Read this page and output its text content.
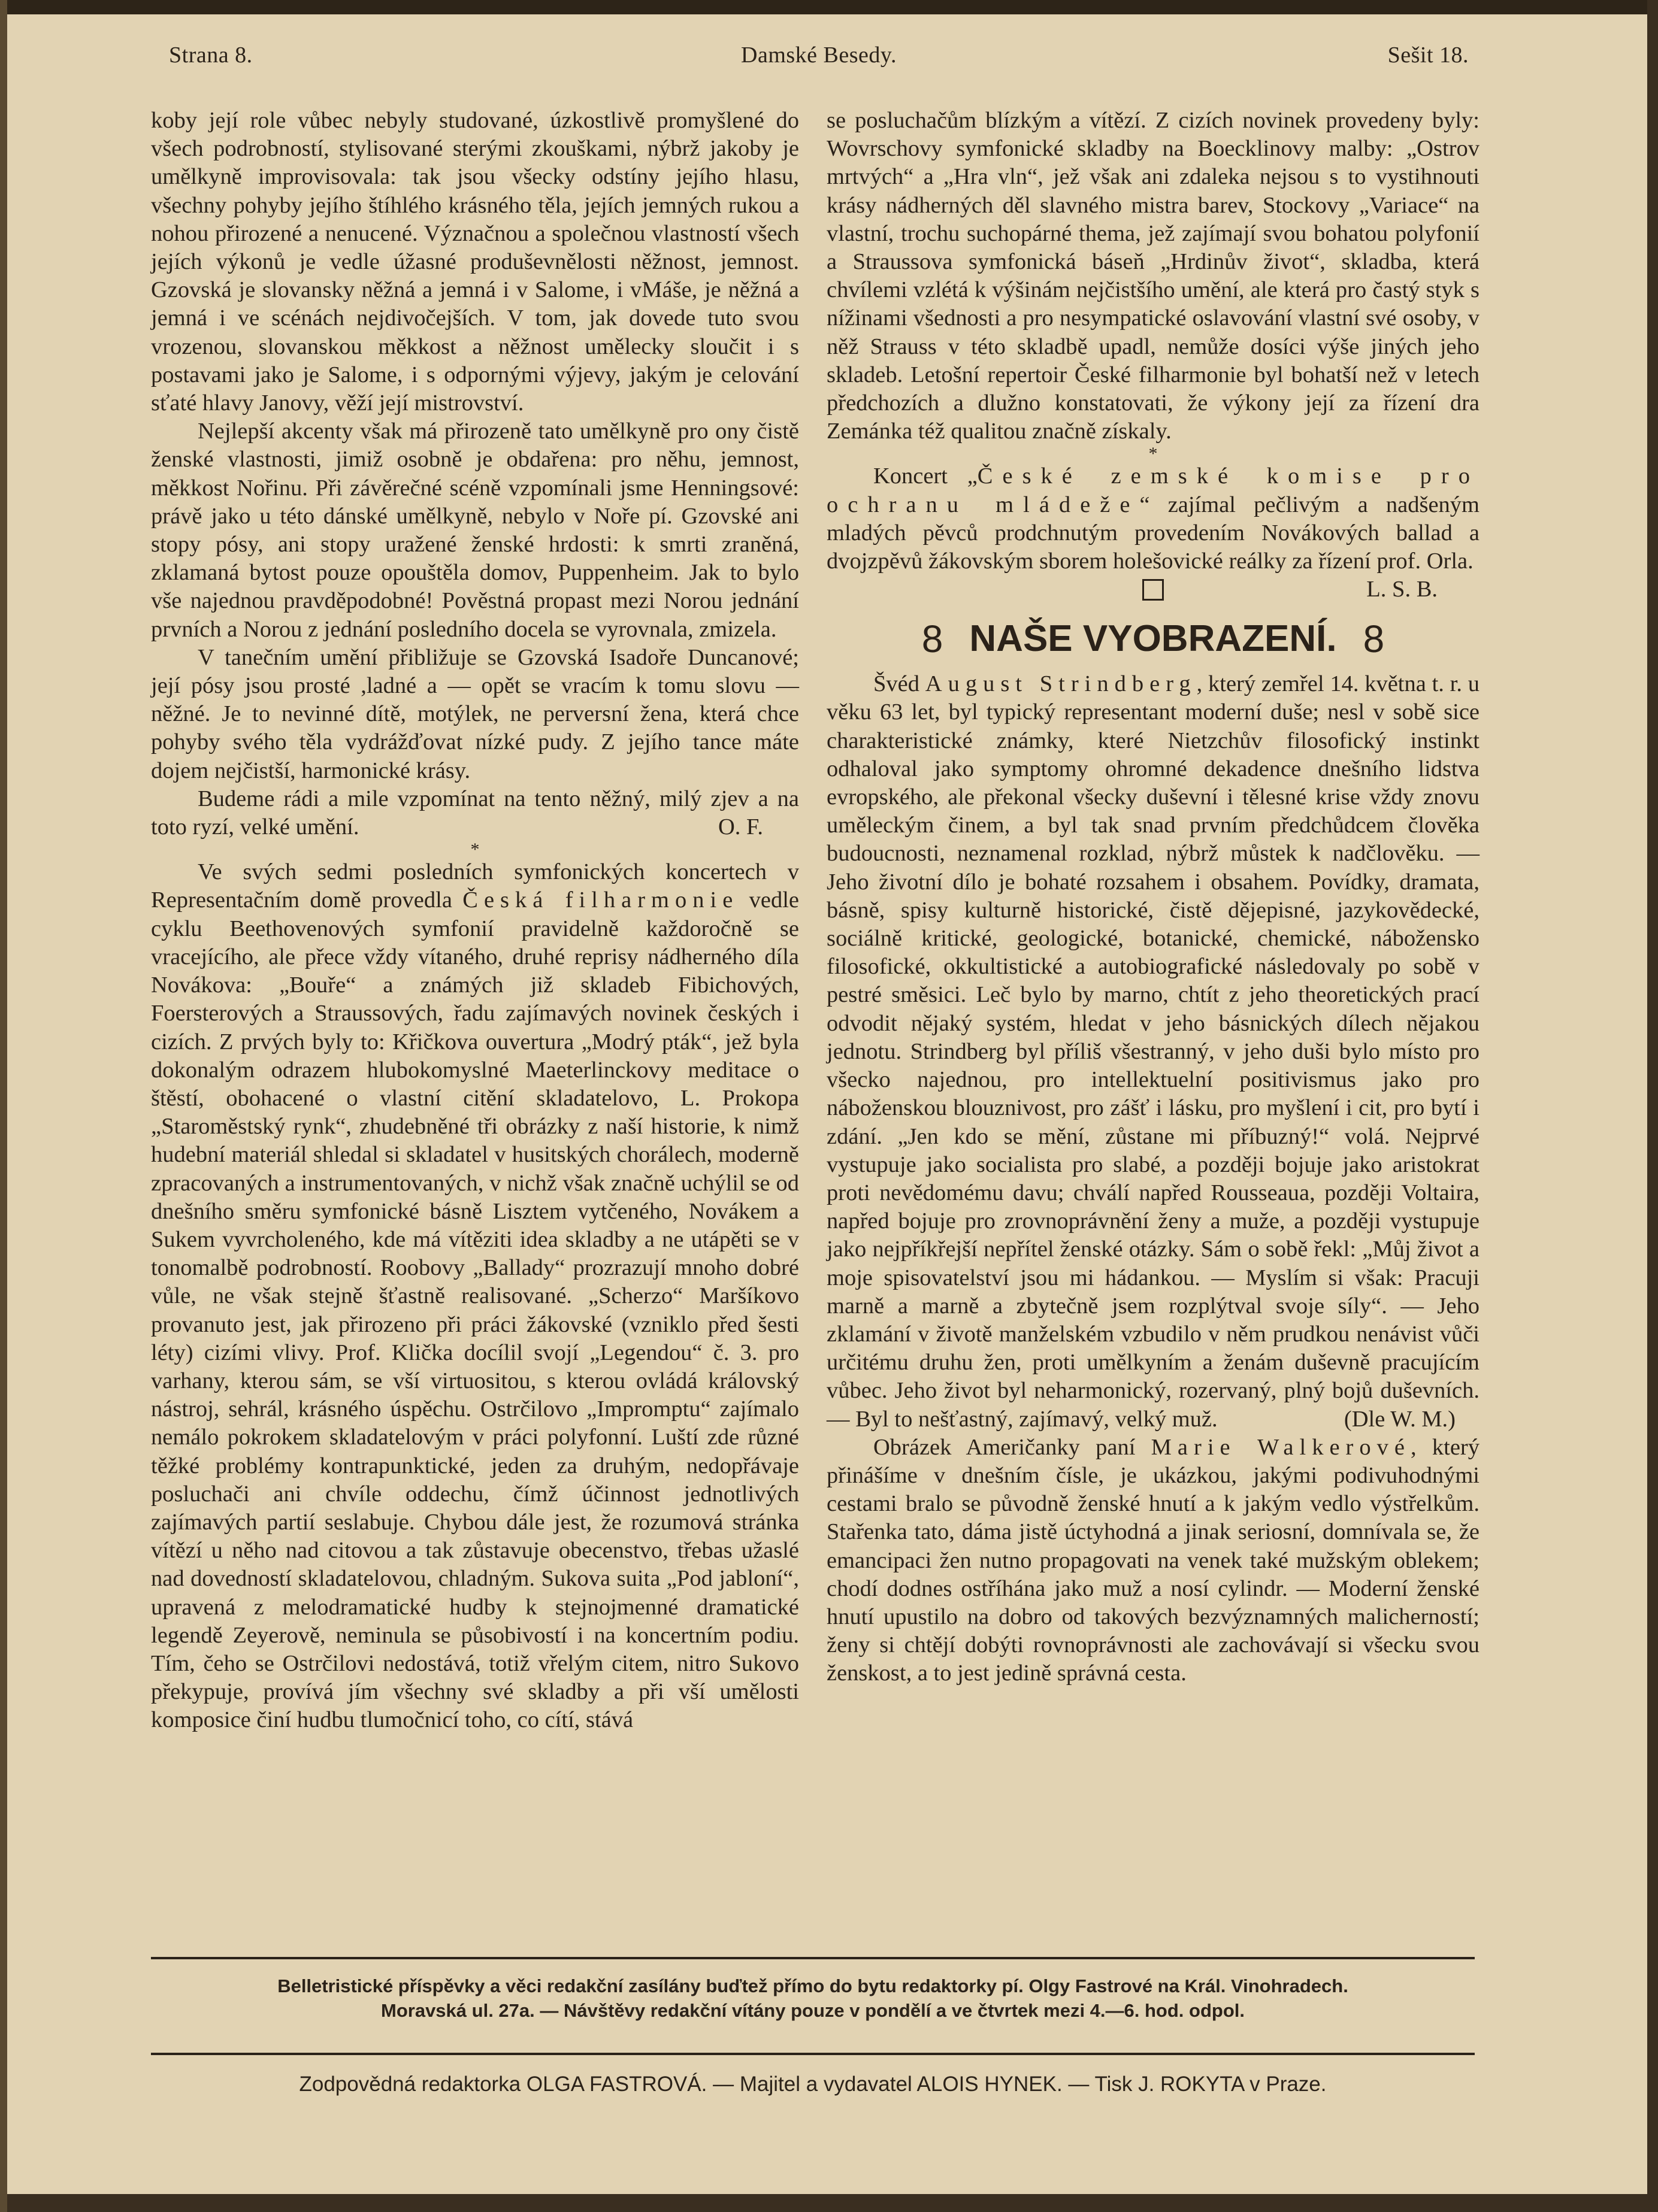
Strana 8.	Damské Besedy.	Sešit 18.

koby její role vůbec nebyly studované, úzkostlivě promyšlené do všech podrobností, stylisované sterými zkouškami, nýbrž jakoby je umělkyně improvisovala: tak jsou všecky odstíny jejího hlasu, všechny pohyby jejího štíhlého krásného těla, jejích jemných rukou a nohou přirozené a nenucené. Význačnou a společnou vlastností všech jejích výkonů je vedle úžasné produševnělosti něžnost, jemnost. Gzovská je slovansky něžná a jemná i v Salome, i vMáše, je něžná a jemná i ve scénách nejdivočejších. V tom, jak dovede tuto svou vrozenou, slovanskou měkkost a něžnost umělecky sloučit i s postavami jako je Salome, i s odpornými výjevy, jakým je celování sťaté hlavy Janovy, věží její mistrovství.

Nejlepší akcenty však má přirozeně tato umělkyně pro ony čistě ženské vlastnosti, jimiž osobně je obdařena: pro něhu, jemnost, měkkost Nořinu. Při závěrečné scéně vzpomínali jsme Henningsové: právě jako u této dánské umělkyně, nebylo v Noře pí. Gzovské ani stopy pósy, ani stopy uražené ženské hrdosti: k smrti zraněná, zklamaná bytost pouze opouštěla domov, Puppenheim. Jak to bylo vše najednou pravděpodobné! Pověstná propast mezi Norou jednání prvních a Norou z jednání posledního docela se vyrovnala, zmizela.

V tanečním umění přibližuje se Gzovská Isadoře Duncanové; její pósy jsou prosté ,ladné a — opět se vracím k tomu slovu — něžné. Je to nevinné dítě, motýlek, ne perversní žena, která chce pohyby svého těla vydrážďovat nízké pudy. Z jejího tance máte dojem nejčistší, harmonické krásy.

Budeme rádi a mile vzpomínat na tento něžný, milý zjev a na toto ryzí, velké umění.	O. F.

*

Ve svých sedmi posledních symfonických koncertech v Representačním domě provedla Česká filharmonie vedle cyklu Beethovenových symfonií pravidelně každoročně se vracejícího, ale přece vždy vítaného, druhé reprisy nádherného díla Novákova: „Bouře“ a známých již skladeb Fibichových, Foersterových a Straussových, řadu zajímavých novinek českých i cizích. Z prvých byly to: Křičkova ouvertura „Modrý pták“, jež byla dokonalým odrazem hlubokomyslné Maeterlinckovy meditace o štěstí, obohacené o vlastní citění skladatelovo, L. Prokopa „Staroměstský rynk“, zhudebněné tři obrázky z naší historie, k nimž hudební materiál shledal si skladatel v husitských chorálech, moderně zpracovaných a instrumentovaných, v nichž však značně uchýlil se od dnešního směru symfonické básně Lisztem vytčeného, Novákem a Sukem vyvrcholeného, kde má vítěziti idea skladby a ne utápěti se v tonomalbě podrobností. Roobovy „Ballady“ prozrazují mnoho dobré vůle, ne však stejně šťastně realisované. „Scherzo“ Maršíkovo provanuto jest, jak přirozeno při práci žákovské (vzniklo před šesti léty) cizími vlivy. Prof. Klička docílil svojí „Legendou“ č. 3. pro varhany, kterou sám, se vší virtuositou, s kterou ovládá královský nástroj, sehrál, krásného úspěchu. Ostrčilovo „Impromptu“ zajímalo nemálo pokrokem skladatelovým v práci polyfonní. Luští zde různé těžké problémy kontrapunktické, jeden za druhým, nedopřávaje posluchači ani chvíle oddechu, čímž účinnost jednotlivých zajímavých partií seslabuje. Chybou dále jest, že rozumová stránka vítězí u něho nad citovou a tak zůstavuje obecenstvo, třebas užaslé nad dovedností skladatelovou, chladným. Sukova suita „Pod jabloní“, upravená z melodramatické hudby k stejnojmenné dramatické legendě Zeyerově, neminula se působivostí i na koncertním podiu. Tím, čeho se Ostrčilovi nedostává, totiž vřelým citem, nitro Sukovo překypuje, provívá jím všechny své skladby a při vší umělosti komposice činí hudbu tlumočnicí toho, co cítí, stává

se posluchačům blízkým a vítězí. Z cizích novinek provedeny byly: Wovrschovy symfonické skladby na Boecklinovy malby: „Ostrov mrtvých“ a „Hra vln“, jež však ani zdaleka nejsou s to vystihnouti krásy nádherných děl slavného mistra barev, Stockovy „Variace“ na vlastní, trochu suchopárné thema, jež zajímají svou bohatou polyfonií a Straussova symfonická báseň „Hrdinův život“, skladba, která chvílemi vzlétá k výšinám nejčistšího umění, ale která pro častý styk s nížinami všednosti a pro nesympatické oslavování vlastní své osoby, v něž Strauss v této skladbě upadl, nemůže dosíci výše jiných jeho skladeb. Letošní repertoir České filharmonie byl bohatší než v letech předchozích a dlužno konstatovati, že výkony její za řízení dra Zemánka též qualitou značně získaly.

*

Koncert „České zemské komise pro ochranu mládeže“ zajímal pečlivým a nadšeným mladých pěvců prodchnutým provedením Novákových ballad a dvojzpěvů žákovským sborem holešovické reálky za řízení prof. Orla.
L. S. B.

8 NAŠE VYOBRAZENÍ. 8

Švéd August Strindberg, který zemřel 14. května t. r. u věku 63 let, byl typický representant moderní duše; nesl v sobě sice charakteristické známky, které Nietzchův filosofický instinkt odhaloval jako symptomy ohromné dekadence dnešního lidstva evropského, ale překonal všecky duševní i tělesné krise vždy znovu uměleckým činem, a byl tak snad prvním předchůdcem člověka budoucnosti, neznamenal rozklad, nýbrž můstek k nadčlověku. — Jeho životní dílo je bohaté rozsahem i obsahem. Povídky, dramata, básně, spisy kulturně historické, čistě dějepisné, jazykovědecké, sociálně kritické, geologické, botanické, chemické, nábožensko filosofické, okkultistické a autobiografické následovaly po sobě v pestré směsici. Leč bylo by marno, chtít z jeho theoretických prací odvodit nějaký systém, hledat v jeho básnických dílech nějakou jednotu. Strindberg byl příliš všestranný, v jeho duši bylo místo pro všecko najednou, pro intellektuelní positivismus jako pro náboženskou blouznivost, pro zášť i lásku, pro myšlení i cit, pro bytí i zdání. „Jen kdo se mění, zůstane mi příbuzný!“ volá. Nejprvé vystupuje jako socialista pro slabé, a později bojuje jako aristokrat proti nevědomému davu; chválí napřed Rousseaua, později Voltaira, napřed bojuje pro zrovnoprávnění ženy a muže, a později vystupuje jako nejpříkřejší nepřítel ženské otázky. Sám o sobě řekl: „Můj život a moje spisovatelství jsou mi hádankou. — Myslím si však: Pracuji marně a marně a zbytečně jsem rozplýtval svoje síly“. — Jeho zklamání v životě manželském vzbudilo v něm prudkou nenávist vůči určitému druhu žen, proti umělkyním a ženám duševně pracujícím vůbec. Jeho život byl neharmonický, rozervaný, plný bojů duševních. — Byl to nešťastný, zajímavý, velký muž.	(Dle W. M.)

Obrázek Američanky paní Marie Walkerové, který přinášíme v dnešním čísle, je ukázkou, jakými podivuhodnými cestami bralo se původně ženské hnutí a k jakým vedlo výstřelkům. Stařenka tato, dáma jistě úctyhodná a jinak seriosní, domnívala se, že emancipaci žen nutno propagovati na venek také mužským oblekem; chodí dodnes ostříhána jako muž a nosí cylindr. — Moderní ženské hnutí upustilo na dobro od takových bezvýznamných malicherností; ženy si chtějí dobýti rovnoprávnosti ale zachovávají si všecku svou ženskost, a to jest jedině správná cesta.

Belletristické příspěvky a věci redakční zasílány buďtež přímo do bytu redaktorky pí. Olgy Fastrové na Král. Vinohradech.
Moravská ul. 27a. — Návštěvy redakční vítány pouze v pondělí a ve čtvrtek mezi 4.—6. hod. odpol.
Zodpovědná redaktorka OLGA FASTROVÁ. — Majitel a vydavatel ALOIS HYNEK. — Tisk J. ROKYTA v Praze.
